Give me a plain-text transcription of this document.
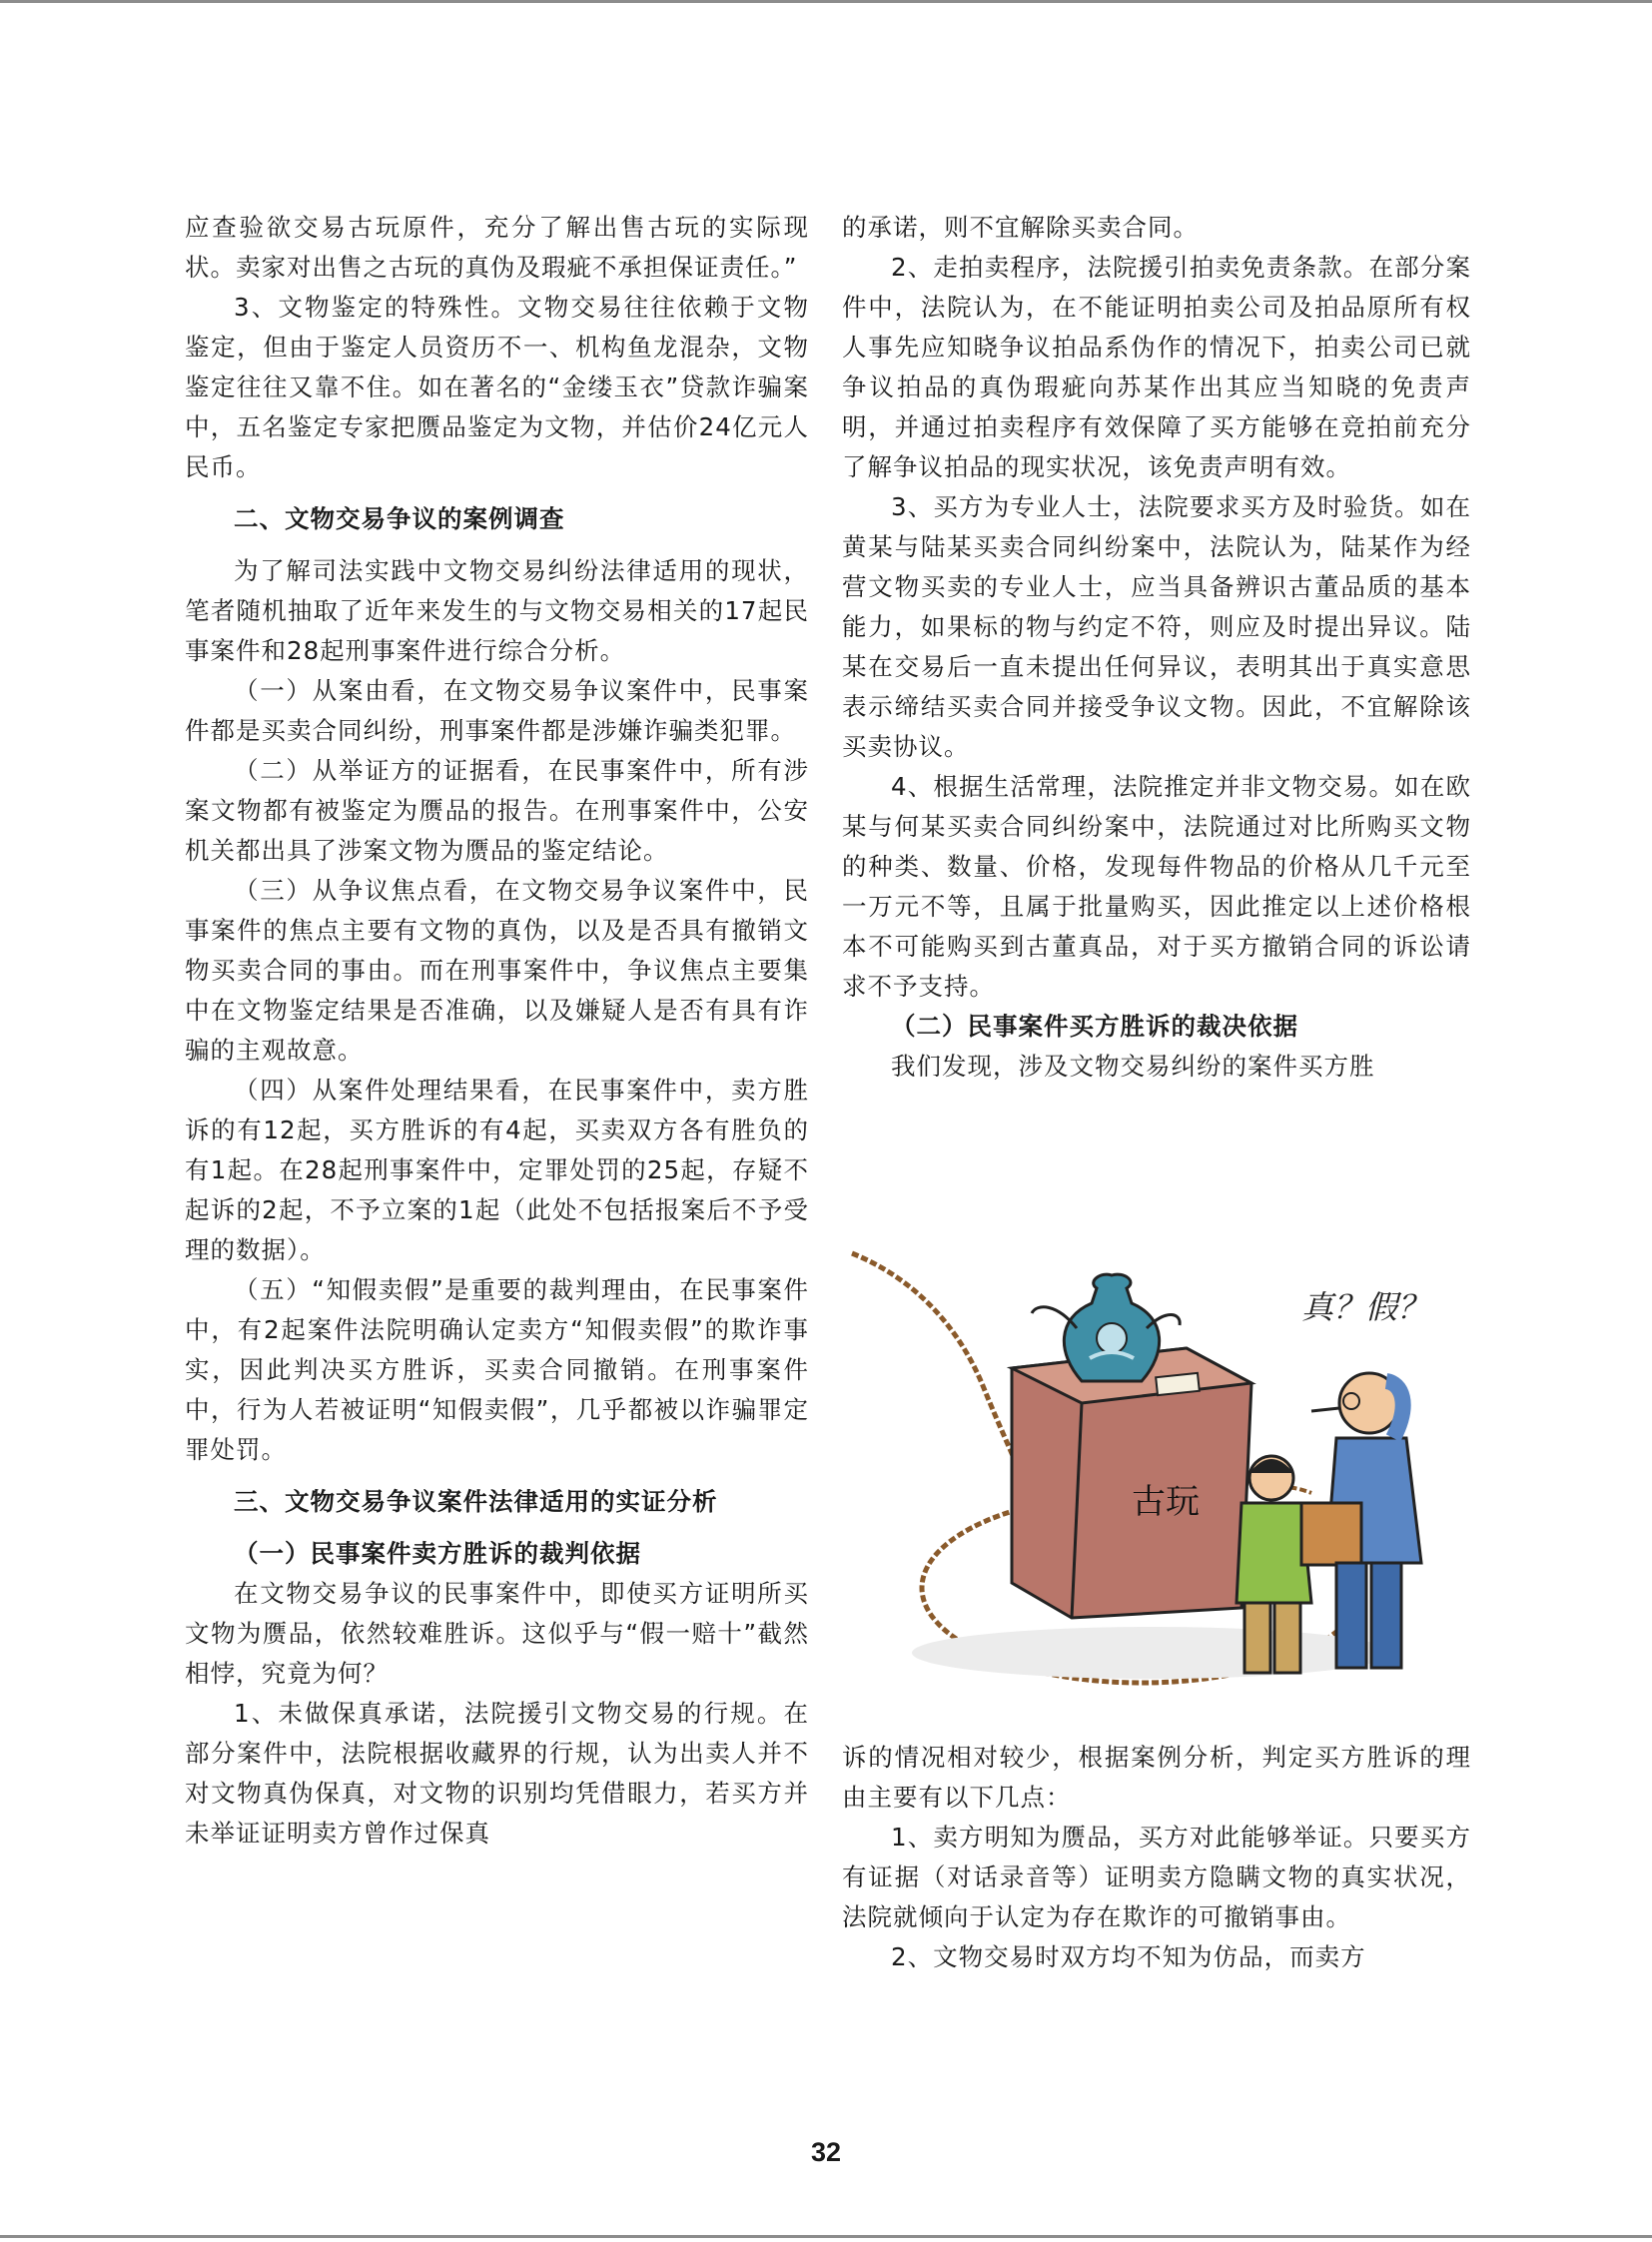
应查验欲交易古玩原件，充分了解出售古玩的实际现状。卖家对出售之古玩的真伪及瑕疵不承担保证责任。”

3、文物鉴定的特殊性。文物交易往往依赖于文物鉴定，但由于鉴定人员资历不一、机构鱼龙混杂，文物鉴定往往又靠不住。如在著名的“金缕玉衣”贷款诈骗案中，五名鉴定专家把赝品鉴定为文物，并估价24亿元人民币。

二、文物交易争议的案例调查

为了解司法实践中文物交易纠纷法律适用的现状，笔者随机抽取了近年来发生的与文物交易相关的17起民事案件和28起刑事案件进行综合分析。

（一）从案由看，在文物交易争议案件中，民事案件都是买卖合同纠纷，刑事案件都是涉嫌诈骗类犯罪。

（二）从举证方的证据看，在民事案件中，所有涉案文物都有被鉴定为赝品的报告。在刑事案件中，公安机关都出具了涉案文物为赝品的鉴定结论。

（三）从争议焦点看，在文物交易争议案件中，民事案件的焦点主要有文物的真伪，以及是否具有撤销文物买卖合同的事由。而在刑事案件中，争议焦点主要集中在文物鉴定结果是否准确，以及嫌疑人是否有具有诈骗的主观故意。

（四）从案件处理结果看，在民事案件中，卖方胜诉的有12起，买方胜诉的有4起，买卖双方各有胜负的有1起。在28起刑事案件中，定罪处罚的25起，存疑不起诉的2起，不予立案的1起（此处不包括报案后不予受理的数据）。

（五）“知假卖假”是重要的裁判理由，在民事案件中，有2起案件法院明确认定卖方“知假卖假”的欺诈事实，因此判决买方胜诉，买卖合同撤销。在刑事案件中，行为人若被证明“知假卖假”，几乎都被以诈骗罪定罪处罚。

三、文物交易争议案件法律适用的实证分析

（一）民事案件卖方胜诉的裁判依据

在文物交易争议的民事案件中，即使买方证明所买文物为赝品，依然较难胜诉。这似乎与“假一赔十”截然相悖，究竟为何？

1、未做保真承诺，法院援引文物交易的行规。在部分案件中，法院根据收藏界的行规，认为出卖人并不对文物真伪保真，对文物的识别均凭借眼力，若买方并未举证证明卖方曾作过保真

的承诺，则不宜解除买卖合同。

2、走拍卖程序，法院援引拍卖免责条款。在部分案件中，法院认为，在不能证明拍卖公司及拍品原所有权人事先应知晓争议拍品系伪作的情况下，拍卖公司已就争议拍品的真伪瑕疵向苏某作出其应当知晓的免责声明，并通过拍卖程序有效保障了买方能够在竞拍前充分了解争议拍品的现实状况，该免责声明有效。

3、买方为专业人士，法院要求买方及时验货。如在黄某与陆某买卖合同纠纷案中，法院认为，陆某作为经营文物买卖的专业人士，应当具备辨识古董品质的基本能力，如果标的物与约定不符，则应及时提出异议。陆某在交易后一直未提出任何异议，表明其出于真实意思表示缔结买卖合同并接受争议文物。因此，不宜解除该买卖协议。

4、根据生活常理，法院推定并非文物交易。如在欧某与何某买卖合同纠纷案中，法院通过对比所购买文物的种类、数量、价格，发现每件物品的价格从几千元至一万元不等，且属于批量购买，因此推定以上述价格根本不可能购买到古董真品，对于买方撤销合同的诉讼请求不予支持。

（二）民事案件买方胜诉的裁决依据

我们发现，涉及文物交易纠纷的案件买方胜

古玩
真？假？

诉的情况相对较少，根据案例分析，判定买方胜诉的理由主要有以下几点：

1、卖方明知为赝品，买方对此能够举证。只要买方有证据（对话录音等）证明卖方隐瞒文物的真实状况，法院就倾向于认定为存在欺诈的可撤销事由。

2、文物交易时双方均不知为仿品，而卖方

32
